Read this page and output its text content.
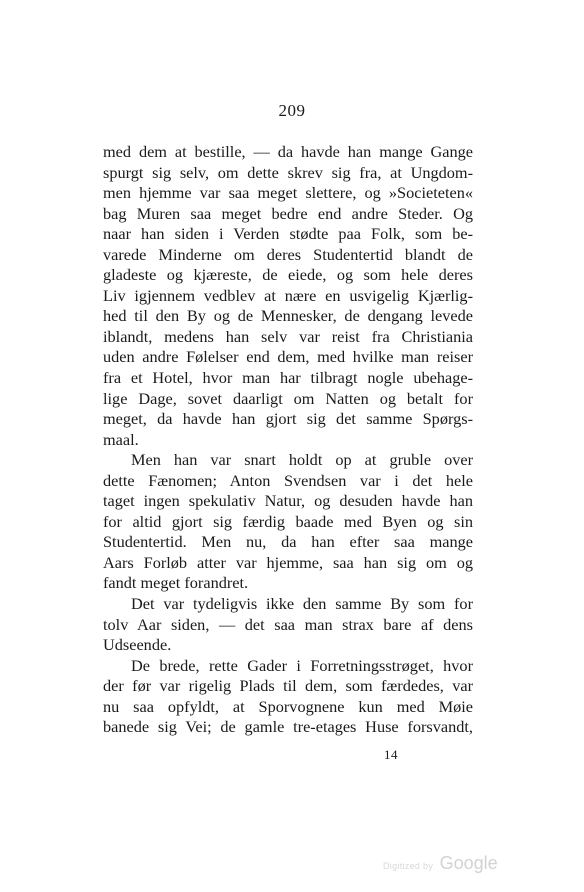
209
med dem at bestille, — da havde han mange Gange
spurgt sig selv, om dette skrev sig fra, at Ungdom-
men hjemme var saa meget slettere, og »Societeten«
bag Muren saa meget bedre end andre Steder. Og
naar han siden i Verden stødte paa Folk, som be-
varede Minderne om deres Studentertid blandt de
gladeste og kjæreste, de eiede, og som hele deres
Liv igjennem vedblev at nære en usvigelig Kjærlig-
hed til den By og de Mennesker, de dengang levede
iblandt, medens han selv var reist fra Christiania
uden andre Følelser end dem, med hvilke man reiser
fra et Hotel, hvor man har tilbragt nogle ubehage-
lige Dage, sovet daarligt om Natten og betalt for
meget, da havde han gjort sig det samme Spørgs-
maal.
Men han var snart holdt op at gruble over
dette Fænomen; Anton Svendsen var i det hele
taget ingen spekulativ Natur, og desuden havde han
for altid gjort sig færdig baade med Byen og sin
Studentertid. Men nu, da han efter saa mange
Aars Forløb atter var hjemme, saa han sig om og
fandt meget forandret.
Det var tydeligvis ikke den samme By som for
tolv Aar siden, — det saa man strax bare af dens
Udseende.
De brede, rette Gader i Forretningsstrøget, hvor
der før var rigelig Plads til dem, som færdedes, var
nu saa opfyldt, at Sporvognene kun med Møie
banede sig Vei; de gamle tre-etages Huse forsvandt,
14
Digitized by Google
